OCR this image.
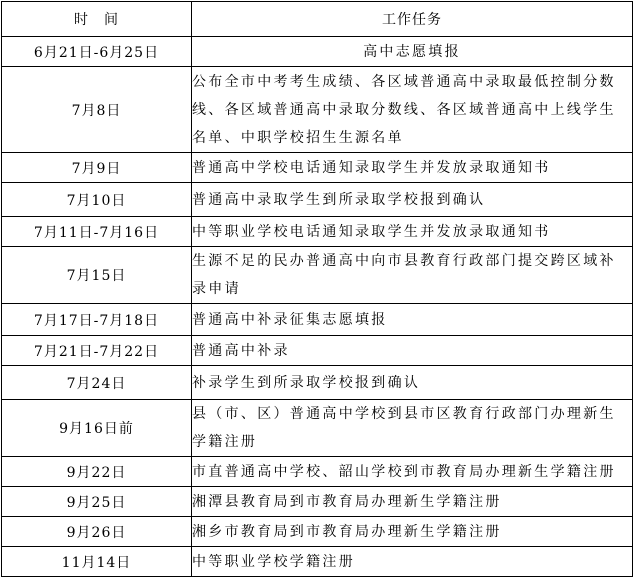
时　间	工作任务
6月21日-6月25日	高中志愿填报
7月8日	公布全市中考考生成绩、各区域普通高中录取最低控制分数线、各区域普通高中录取分数线、各区域普通高中上线学生名单、中职学校招生生源名单
7月9日	普通高中学校电话通知录取学生并发放录取通知书
7月10日	普通高中录取学生到所录取学校报到确认
7月11日-7月16日	中等职业学校电话通知录取学生并发放录取通知书
7月15日	生源不足的民办普通高中向市县教育行政部门提交跨区域补录申请
7月17日-7月18日	普通高中补录征集志愿填报
7月21日-7月22日	普通高中补录
7月24日	补录学生到所录取学校报到确认
9月16日前	县（市、区）普通高中学校到县市区教育行政部门办理新生学籍注册
9月22日	市直普通高中学校、韶山学校到市教育局办理新生学籍注册
9月25日	湘潭县教育局到市教育局办理新生学籍注册
9月26日	湘乡市教育局到市教育局办理新生学籍注册
11月14日	中等职业学校学籍注册
